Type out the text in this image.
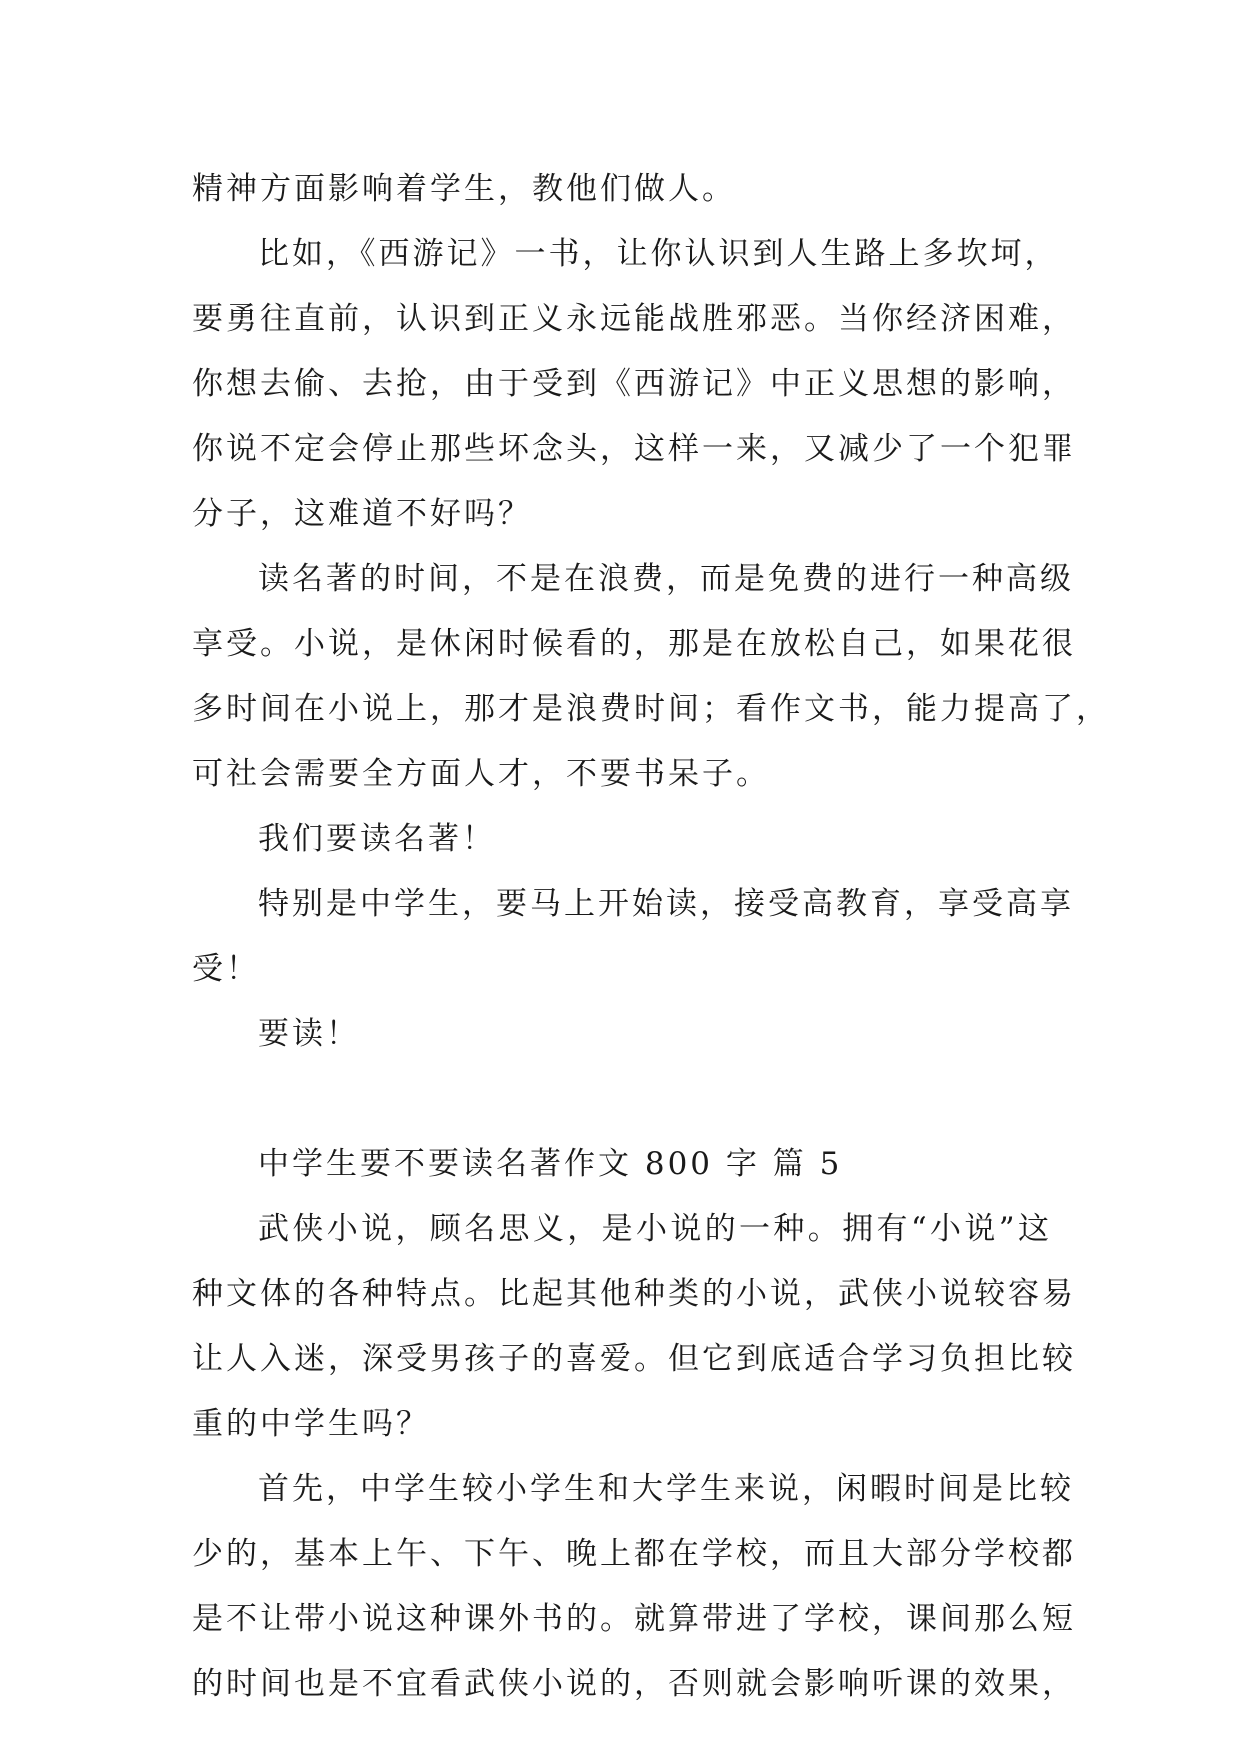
精神方面影响着学生，教他们做人。
比如，《西游记》一书，让你认识到人生路上多坎坷，
要勇往直前，认识到正义永远能战胜邪恶。当你经济困难，
你想去偷、去抢，由于受到《西游记》中正义思想的影响，
你说不定会停止那些坏念头，这样一来，又减少了一个犯罪
分子，这难道不好吗？
读名著的时间，不是在浪费，而是免费的进行一种高级
享受。小说，是休闲时候看的，那是在放松自己，如果花很
多时间在小说上，那才是浪费时间；看作文书，能力提高了，
可社会需要全方面人才，不要书呆子。
我们要读名著！
特别是中学生，要马上开始读，接受高教育，享受高享
受！
要读！
中学生要不要读名著作文 800 字 篇 5
武侠小说，顾名思义，是小说的一种。拥有“小说”这
种文体的各种特点。比起其他种类的小说，武侠小说较容易
让人入迷，深受男孩子的喜爱。但它到底适合学习负担比较
重的中学生吗？
首先，中学生较小学生和大学生来说，闲暇时间是比较
少的，基本上午、下午、晚上都在学校，而且大部分学校都
是不让带小说这种课外书的。就算带进了学校，课间那么短
的时间也是不宜看武侠小说的，否则就会影响听课的效果，
